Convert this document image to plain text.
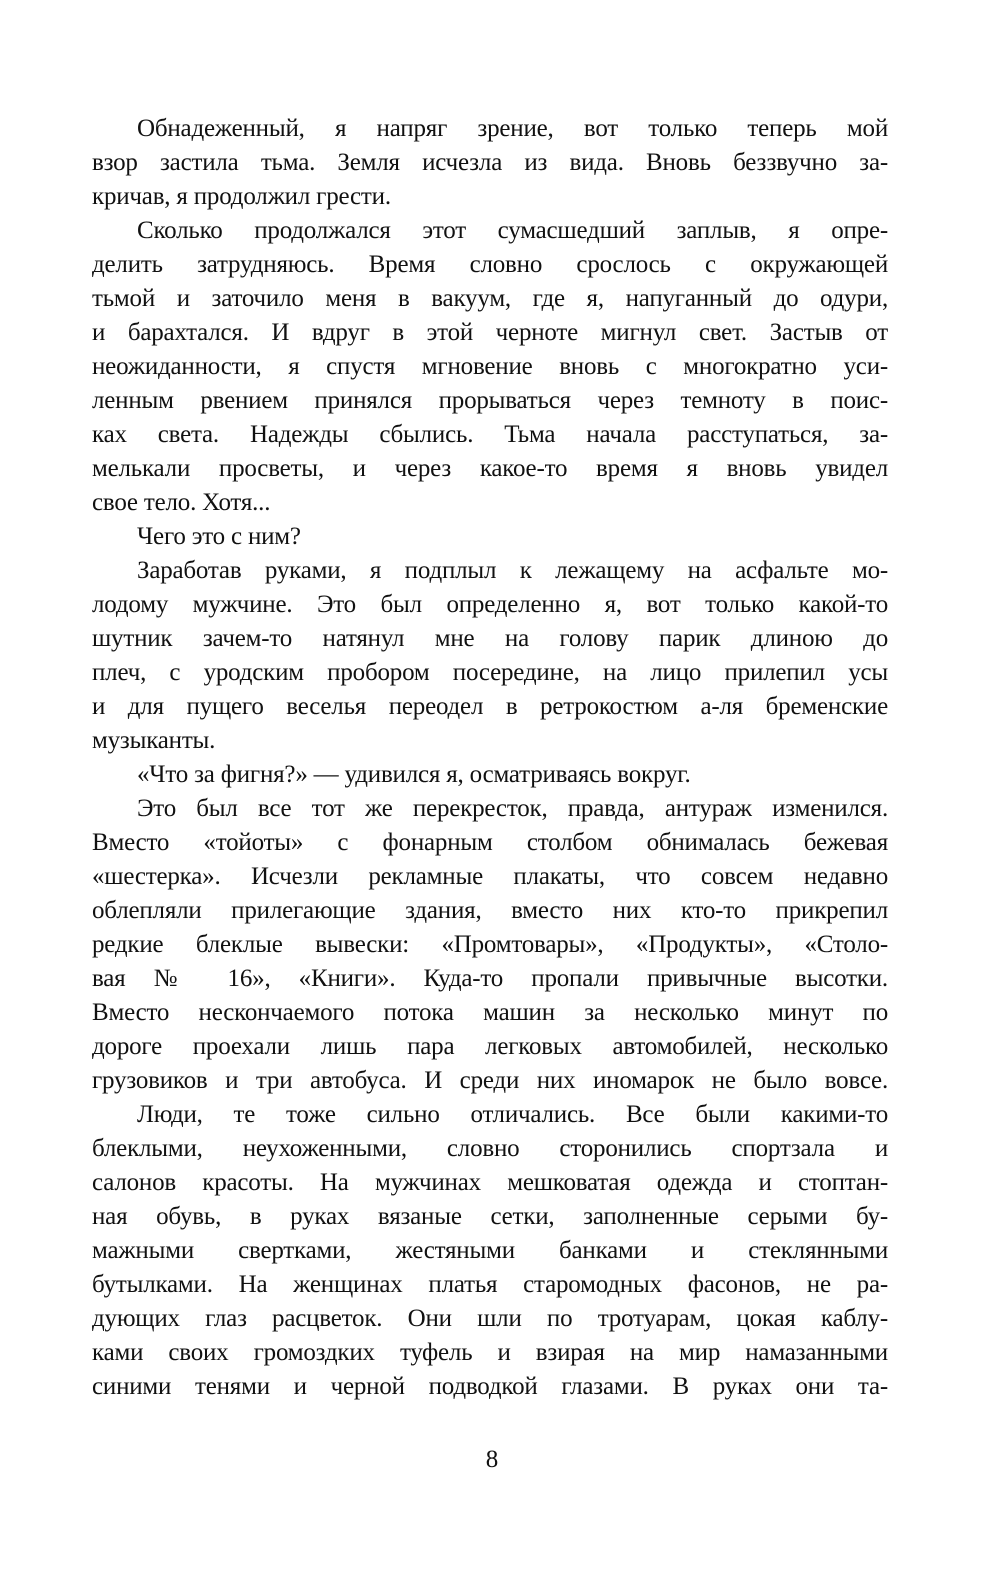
Обнадеженный, я напряг зрение, вот только теперь мой
взор застила тьма. Земля исчезла из вида. Вновь беззвучно за-
кричав, я продолжил грести.
Сколько продолжался этот сумасшедший заплыв, я опре-
делить затрудняюсь. Время словно срослось с окружающей
тьмой и заточило меня в вакуум, где я, напуганный до одури,
и барахтался. И вдруг в этой черноте мигнул свет. Застыв от
неожиданности, я спустя мгновение вновь с многократно уси-
ленным рвением принялся прорываться через темноту в поис-
ках света. Надежды сбылись. Тьма начала расступаться, за-
мелькали просветы, и через какое-то время я вновь увидел
свое тело. Хотя...
Чего это с ним?
Заработав руками, я подплыл к лежащему на асфальте мо-
лодому мужчине. Это был определенно я, вот только какой-то
шутник зачем-то натянул мне на голову парик длиною до
плеч, с уродским пробором посередине, на лицо прилепил усы
и для пущего веселья переодел в ретрокостюм а-ля бременские
музыканты.
«Что за фигня?» — удивился я, осматриваясь вокруг.
Это был все тот же перекресток, правда, антураж изменился.
Вместо «тойоты» с фонарным столбом обнималась бежевая
«шестерка». Исчезли рекламные плакаты, что совсем недавно
облепляли прилегающие здания, вместо них кто-то прикрепил
редкие блеклые вывески: «Промтовары», «Продукты», «Столо-
вая № 16», «Книги». Куда-то пропали привычные высотки.
Вместо нескончаемого потока машин за несколько минут по
дороге проехали лишь пара легковых автомобилей, несколько
грузовиков и три автобуса. И среди них иномарок не было вовсе.
Люди, те тоже сильно отличались. Все были какими-то
блеклыми, неухоженными, словно сторонились спортзала и
салонов красоты. На мужчинах мешковатая одежда и стоптан-
ная обувь, в руках вязаные сетки, заполненные серыми бу-
мажными свертками, жестяными банками и стеклянными
бутылками. На женщинах платья старомодных фасонов, не ра-
дующих глаз расцветок. Они шли по тротуарам, цокая каблу-
ками своих громоздких туфель и взирая на мир намазанными
синими тенями и черной подводкой глазами. В руках они та-
8
